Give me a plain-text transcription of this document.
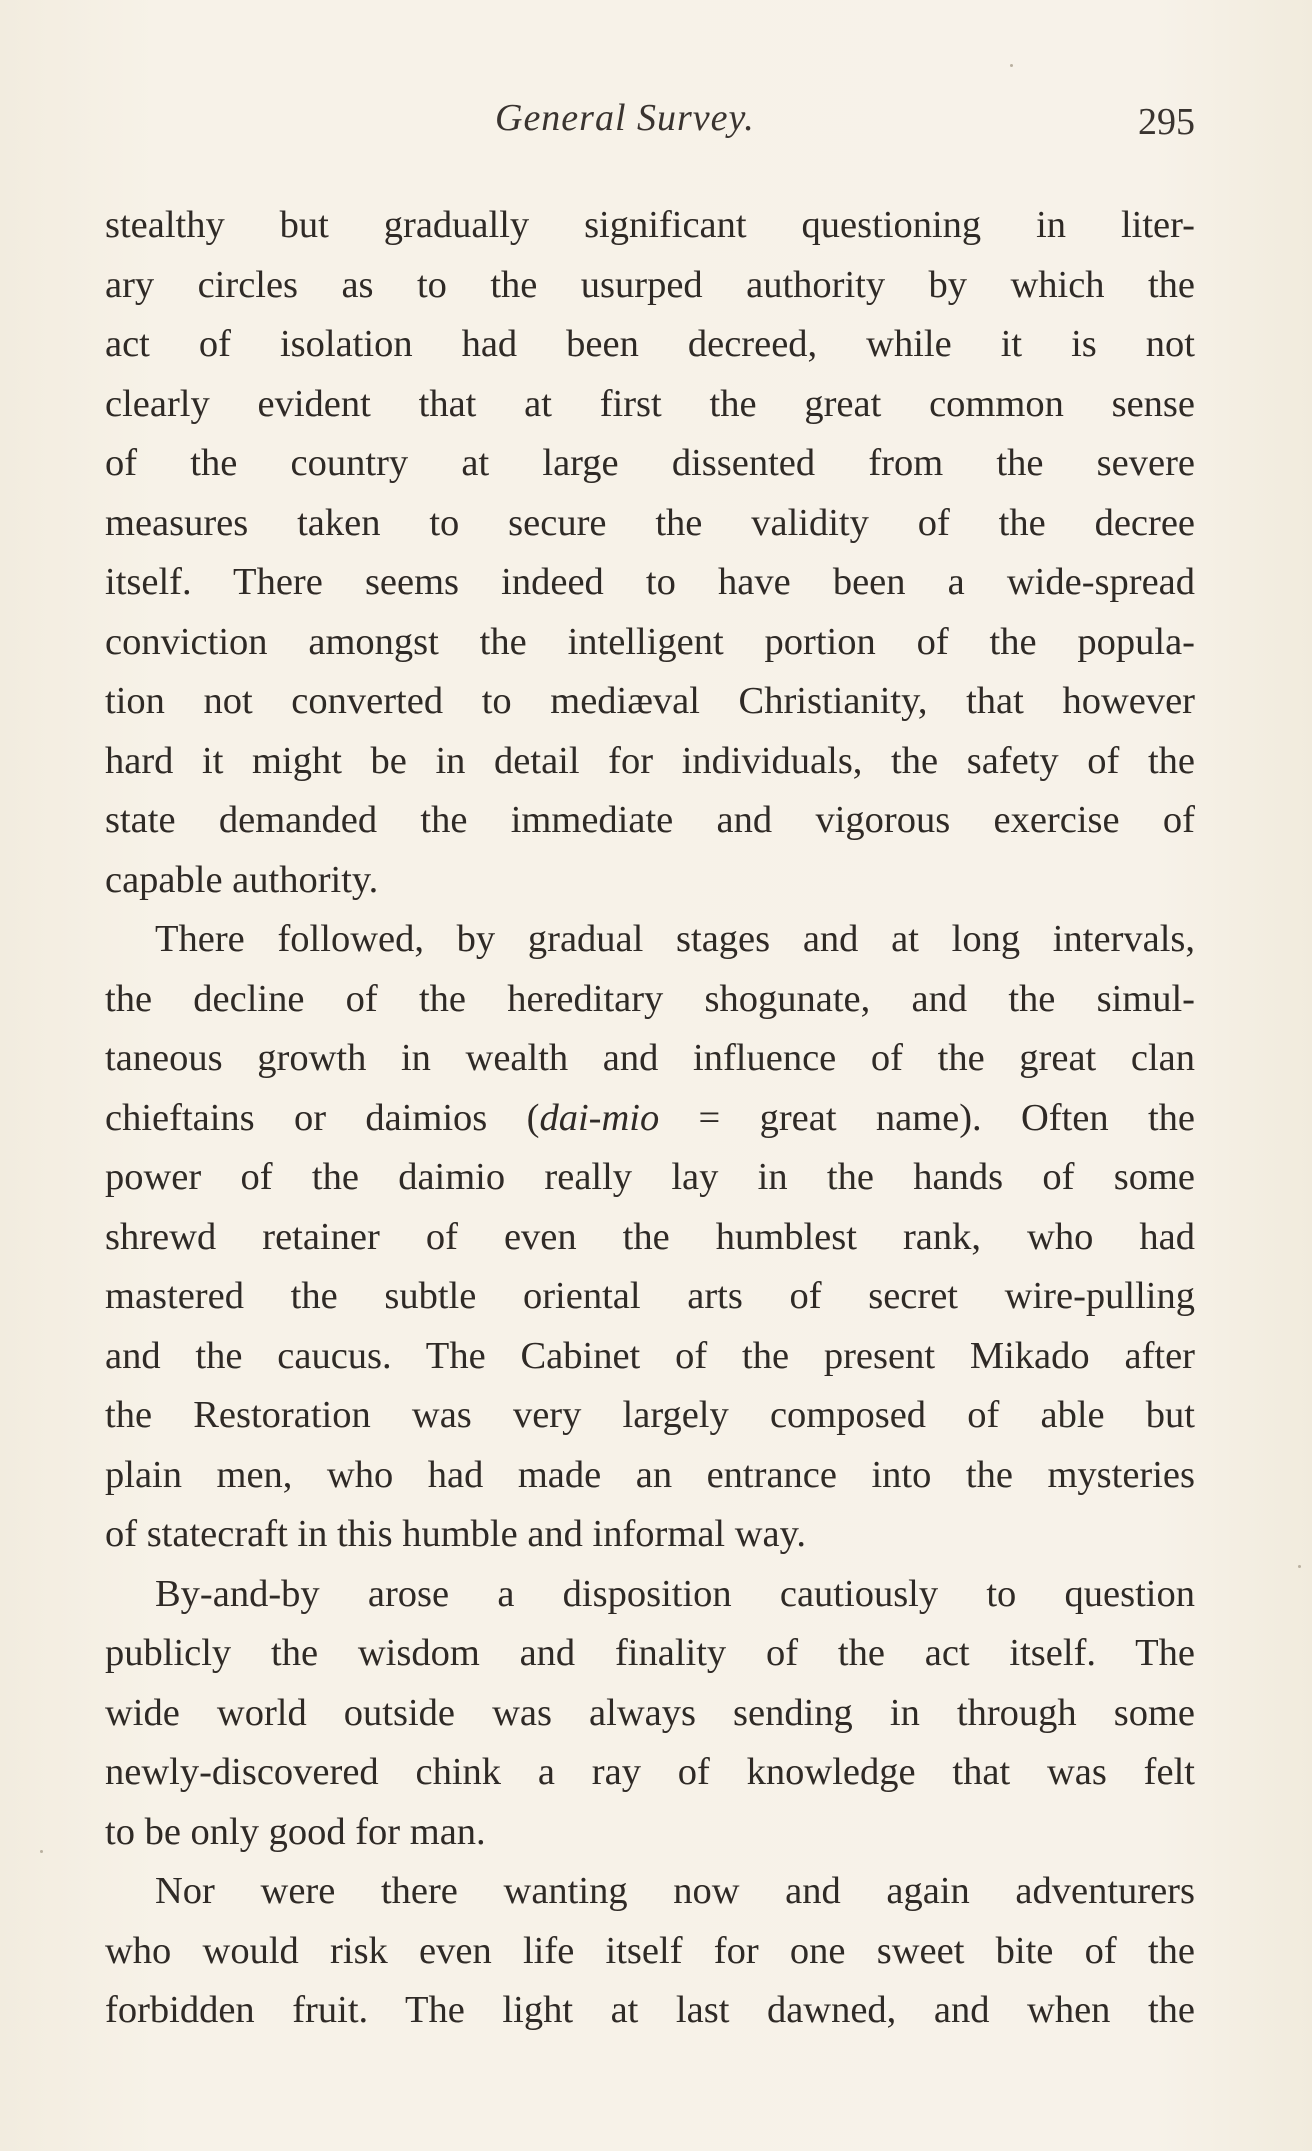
General Survey.	295
stealthy but gradually significant questioning in liter-
ary circles as to the usurped authority by which the
act of isolation had been decreed, while it is not
clearly evident that at first the great common sense
of the country at large dissented from the severe
measures taken to secure the validity of the decree
itself. There seems indeed to have been a wide-spread
conviction amongst the intelligent portion of the popula-
tion not converted to mediæval Christianity, that however
hard it might be in detail for individuals, the safety of the
state demanded the immediate and vigorous exercise of
capable authority.
There followed, by gradual stages and at long intervals,
the decline of the hereditary shogunate, and the simul-
taneous growth in wealth and influence of the great clan
chieftains or daimios (dai-mio = great name). Often the
power of the daimio really lay in the hands of some
shrewd retainer of even the humblest rank, who had
mastered the subtle oriental arts of secret wire-pulling
and the caucus. The Cabinet of the present Mikado after
the Restoration was very largely composed of able but
plain men, who had made an entrance into the mysteries
of statecraft in this humble and informal way.
By-and-by arose a disposition cautiously to question
publicly the wisdom and finality of the act itself. The
wide world outside was always sending in through some
newly-discovered chink a ray of knowledge that was felt
to be only good for man.
Nor were there wanting now and again adventurers
who would risk even life itself for one sweet bite of the
forbidden fruit. The light at last dawned, and when the
